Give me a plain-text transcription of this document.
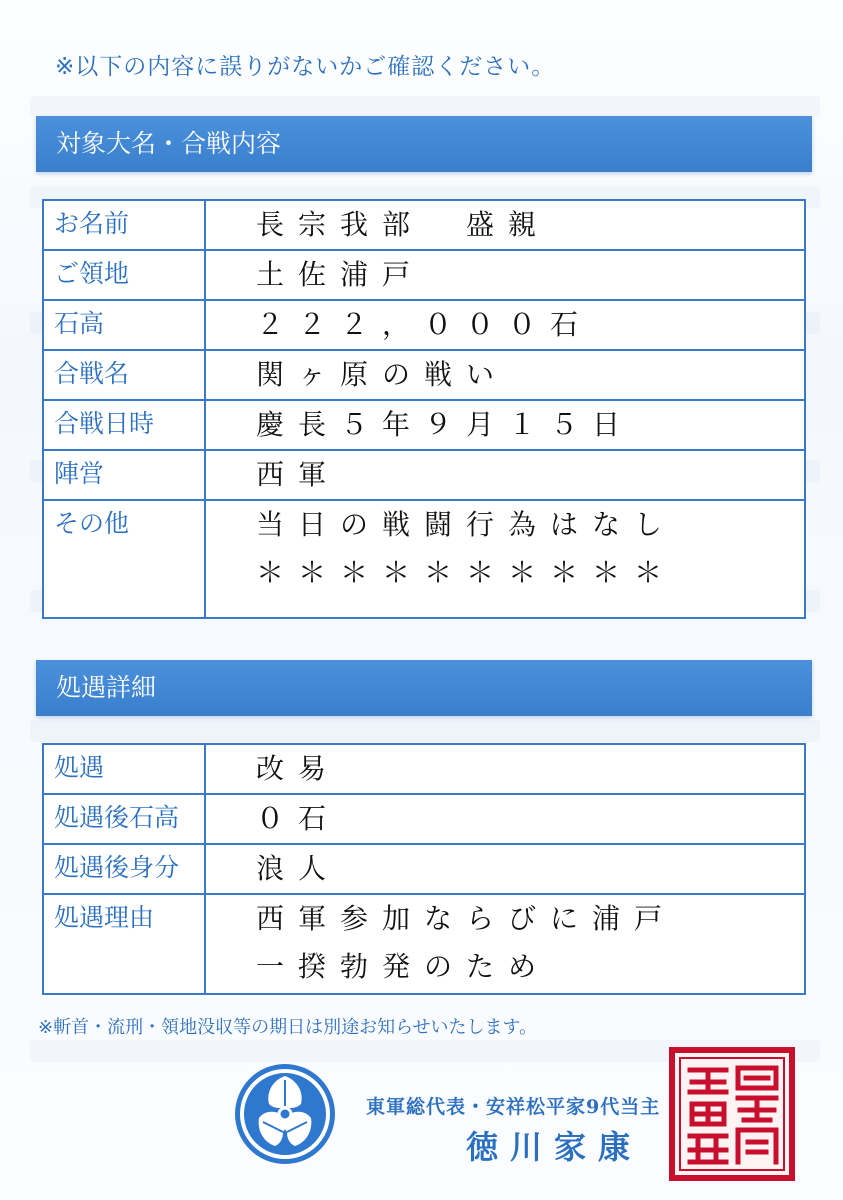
※以下の内容に誤りがないかご確認ください。
対象大名・合戦内容
お名前	長宗我部　盛親

ご領地	土佐浦戸

石高	２２２，０００石

合戦名	関ヶ原の戦い

合戦日時	慶長５年９月１５日

陣営	西軍

その他	当日の戦闘行為はなし
＊＊＊＊＊＊＊＊＊＊
処遇詳細
処遇	改易

処遇後石高	０石

処遇後身分	浪人

処遇理由	西軍参加ならびに浦戸
一揆勃発のため
※斬首・流刑・領地没収等の期日は別途お知らせいたします。
東軍総代表・安祥松平家9代当主
徳川家康
